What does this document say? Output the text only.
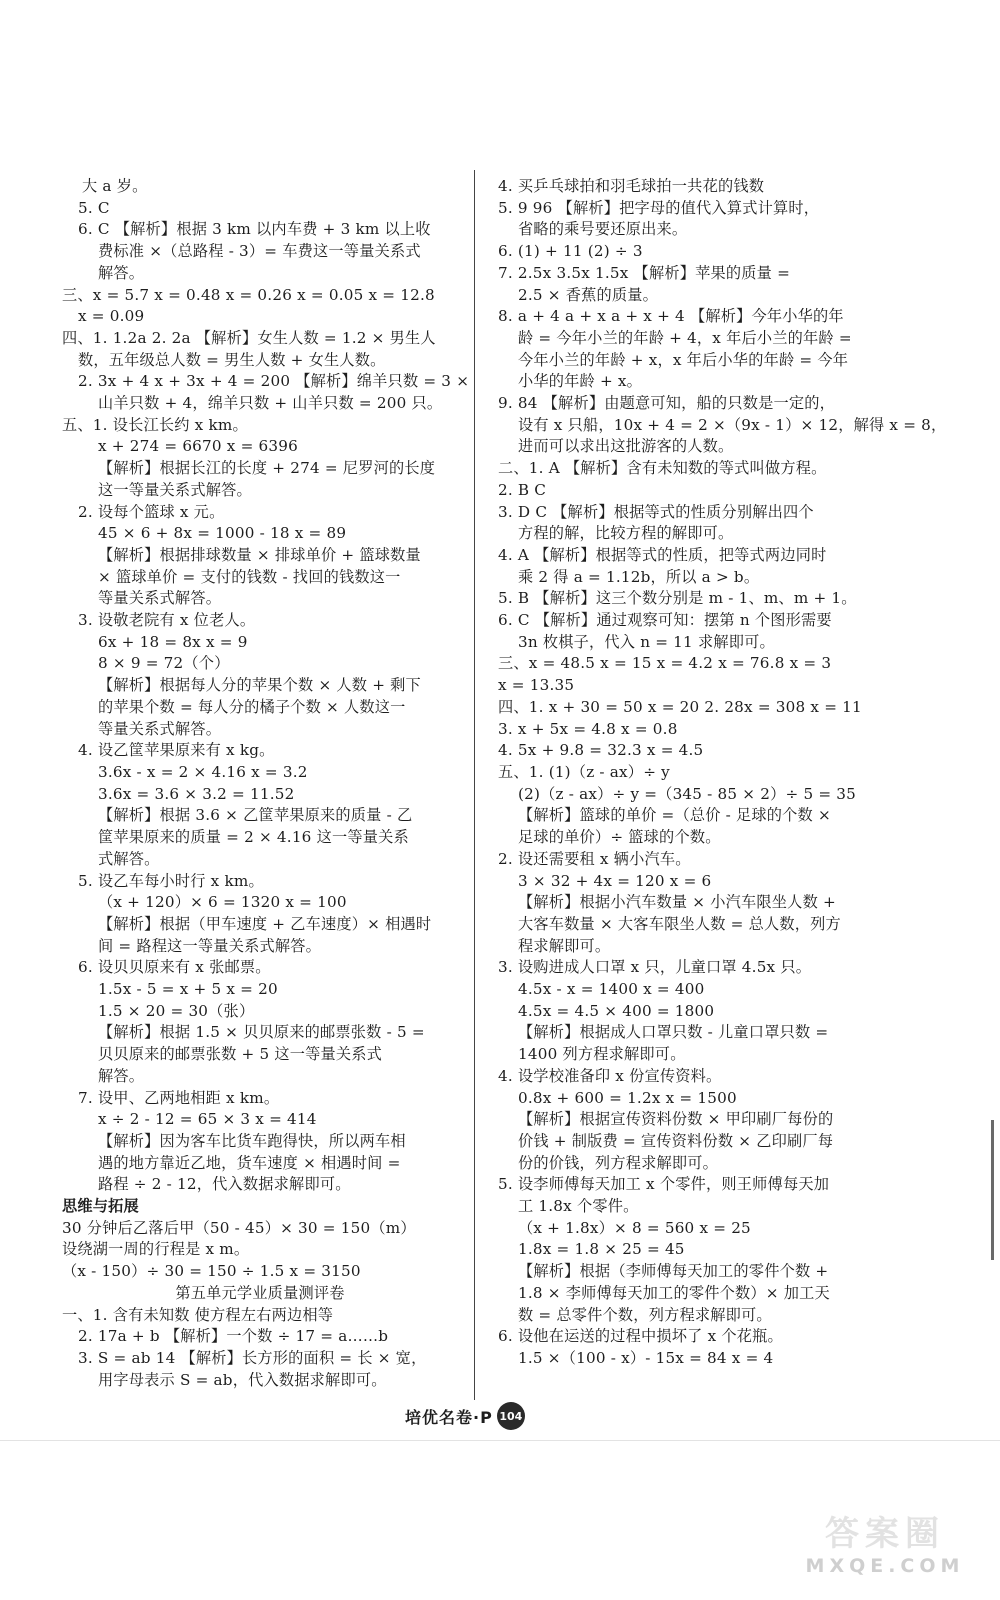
大 a 岁。
5. C
6. C 【解析】根据 3 km 以内车费 + 3 km 以上收
费标准 ×（总路程 - 3）= 车费这一等量关系式
解答。
三、x = 5.7 x = 0.48 x = 0.26 x = 0.05 x = 12.8
x = 0.09
四、1. 1.2a 2. 2a 【解析】女生人数 = 1.2 × 男生人
数，五年级总人数 = 男生人数 + 女生人数。
2. 3x + 4 x + 3x + 4 = 200 【解析】绵羊只数 = 3 ×
山羊只数 + 4，绵羊只数 + 山羊只数 = 200 只。
五、1. 设长江长约 x km。
x + 274 = 6670 x = 6396
【解析】根据长江的长度 + 274 = 尼罗河的长度
这一等量关系式解答。
2. 设每个篮球 x 元。
45 × 6 + 8x = 1000 - 18 x = 89
【解析】根据排球数量 × 排球单价 + 篮球数量
× 篮球单价 = 支付的钱数 - 找回的钱数这一
等量关系式解答。
3. 设敬老院有 x 位老人。
6x + 18 = 8x x = 9
8 × 9 = 72（个）
【解析】根据每人分的苹果个数 × 人数 + 剩下
的苹果个数 = 每人分的橘子个数 × 人数这一
等量关系式解答。
4. 设乙筐苹果原来有 x kg。
3.6x - x = 2 × 4.16 x = 3.2
3.6x = 3.6 × 3.2 = 11.52
【解析】根据 3.6 × 乙筐苹果原来的质量 - 乙
筐苹果原来的质量 = 2 × 4.16 这一等量关系
式解答。
5. 设乙车每小时行 x km。
（x + 120）× 6 = 1320 x = 100
【解析】根据（甲车速度 + 乙车速度）× 相遇时
间 = 路程这一等量关系式解答。
6. 设贝贝原来有 x 张邮票。
1.5x - 5 = x + 5 x = 20
1.5 × 20 = 30（张）
【解析】根据 1.5 × 贝贝原来的邮票张数 - 5 =
贝贝原来的邮票张数 + 5 这一等量关系式
解答。
7. 设甲、乙两地相距 x km。
x ÷ 2 - 12 = 65 × 3 x = 414
【解析】因为客车比货车跑得快，所以两车相
遇的地方靠近乙地，货车速度 × 相遇时间 =
路程 ÷ 2 - 12，代入数据求解即可。
思维与拓展
30 分钟后乙落后甲（50 - 45）× 30 = 150（m）
设绕湖一周的行程是 x m。
（x - 150）÷ 30 = 150 ÷ 1.5 x = 3150
第五单元学业质量测评卷
一、1. 含有未知数 使方程左右两边相等
2. 17a + b 【解析】一个数 ÷ 17 = a……b
3. S = ab 14 【解析】长方形的面积 = 长 × 宽，
用字母表示 S = ab，代入数据求解即可。
4. 买乒乓球拍和羽毛球拍一共花的钱数
5. 9 96 【解析】把字母的值代入算式计算时，
省略的乘号要还原出来。
6. (1) + 11 (2) ÷ 3
7. 2.5x 3.5x 1.5x 【解析】苹果的质量 =
2.5 × 香蕉的质量。
8. a + 4 a + x a + x + 4 【解析】今年小华的年
龄 = 今年小兰的年龄 + 4，x 年后小兰的年龄 =
今年小兰的年龄 + x，x 年后小华的年龄 = 今年
小华的年龄 + x。
9. 84 【解析】由题意可知，船的只数是一定的，
设有 x 只船，10x + 4 = 2 ×（9x - 1）× 12，解得 x = 8，
进而可以求出这批游客的人数。
二、1. A 【解析】含有未知数的等式叫做方程。
2. B C
3. D C 【解析】根据等式的性质分别解出四个
方程的解，比较方程的解即可。
4. A 【解析】根据等式的性质，把等式两边同时
乘 2 得 a = 1.12b，所以 a > b。
5. B 【解析】这三个数分别是 m - 1、m、m + 1。
6. C 【解析】通过观察可知：摆第 n 个图形需要
3n 枚棋子，代入 n = 11 求解即可。
三、x = 48.5 x = 15 x = 4.2 x = 76.8 x = 3
x = 13.35
四、1. x + 30 = 50 x = 20 2. 28x = 308 x = 11
3. x + 5x = 4.8 x = 0.8
4. 5x + 9.8 = 32.3 x = 4.5
五、1. (1)（z - ax）÷ y
(2)（z - ax）÷ y =（345 - 85 × 2）÷ 5 = 35
【解析】篮球的单价 =（总价 - 足球的个数 ×
足球的单价）÷ 篮球的个数。
2. 设还需要租 x 辆小汽车。
3 × 32 + 4x = 120 x = 6
【解析】根据小汽车数量 × 小汽车限坐人数 +
大客车数量 × 大客车限坐人数 = 总人数，列方
程求解即可。
3. 设购进成人口罩 x 只，儿童口罩 4.5x 只。
4.5x - x = 1400 x = 400
4.5x = 4.5 × 400 = 1800
【解析】根据成人口罩只数 - 儿童口罩只数 =
1400 列方程求解即可。
4. 设学校准备印 x 份宣传资料。
0.8x + 600 = 1.2x x = 1500
【解析】根据宣传资料份数 × 甲印刷厂每份的
价钱 + 制版费 = 宣传资料份数 × 乙印刷厂每
份的价钱，列方程求解即可。
5. 设李师傅每天加工 x 个零件，则王师傅每天加
工 1.8x 个零件。
（x + 1.8x）× 8 = 560 x = 25
1.8x = 1.8 × 25 = 45
【解析】根据（李师傅每天加工的零件个数 +
1.8 × 李师傅每天加工的零件个数）× 加工天
数 = 总零件个数，列方程求解即可。
6. 设他在运送的过程中损坏了 x 个花瓶。
1.5 ×（100 - x）- 15x = 84 x = 4
培优名卷·P 104
答案圈
MXQE.COM
